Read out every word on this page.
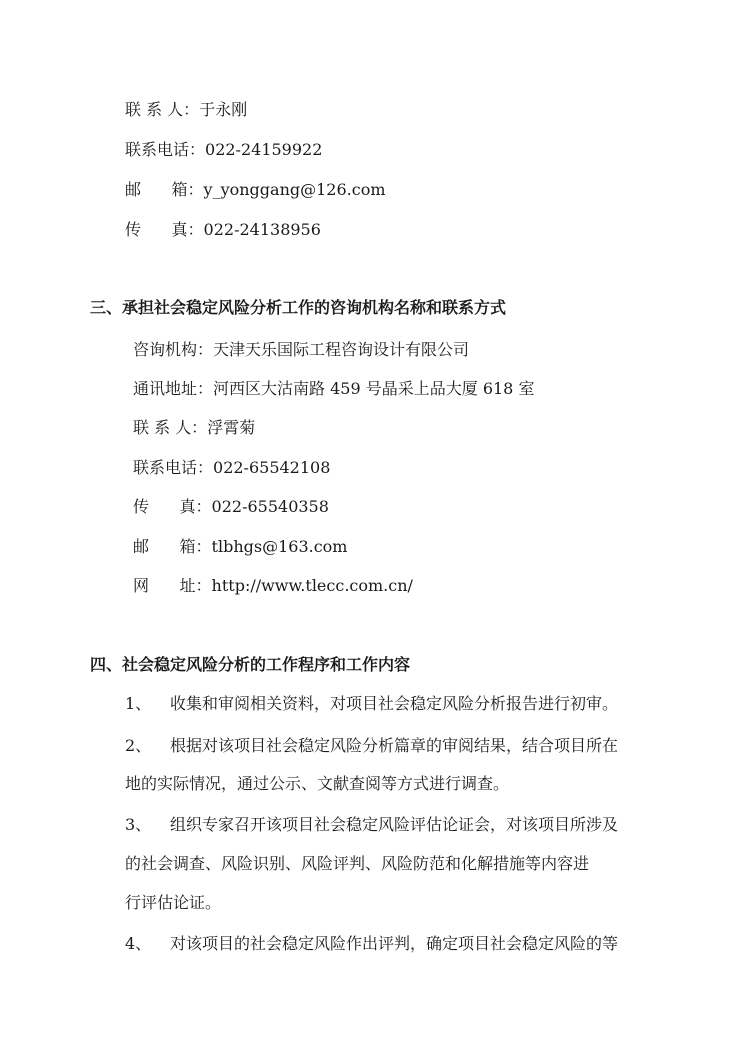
联 系 人：于永刚
联系电话：022-24159922
邮      箱：y_yonggang@126.com
传      真：022-24138956
三、承担社会稳定风险分析工作的咨询机构名称和联系方式
咨询机构：天津天乐国际工程咨询设计有限公司
通讯地址：河西区大沽南路 459 号晶采上品大厦 618 室
联 系 人：浮霄菊
联系电话：022-65542108
传      真：022-65540358
邮      箱：tlbhgs@163.com
网      址：http://www.tlecc.com.cn/
四、社会稳定风险分析的工作程序和工作内容
1、 收集和审阅相关资料，对项目社会稳定风险分析报告进行初审。
2、 根据对该项目社会稳定风险分析篇章的审阅结果，结合项目所在
地的实际情况，通过公示、文献查阅等方式进行调查。
3、 组织专家召开该项目社会稳定风险评估论证会，对该项目所涉及
的社会调查、风险识别、风险评判、风险防范和化解措施等内容进
行评估论证。
4、 对该项目的社会稳定风险作出评判，确定项目社会稳定风险的等
